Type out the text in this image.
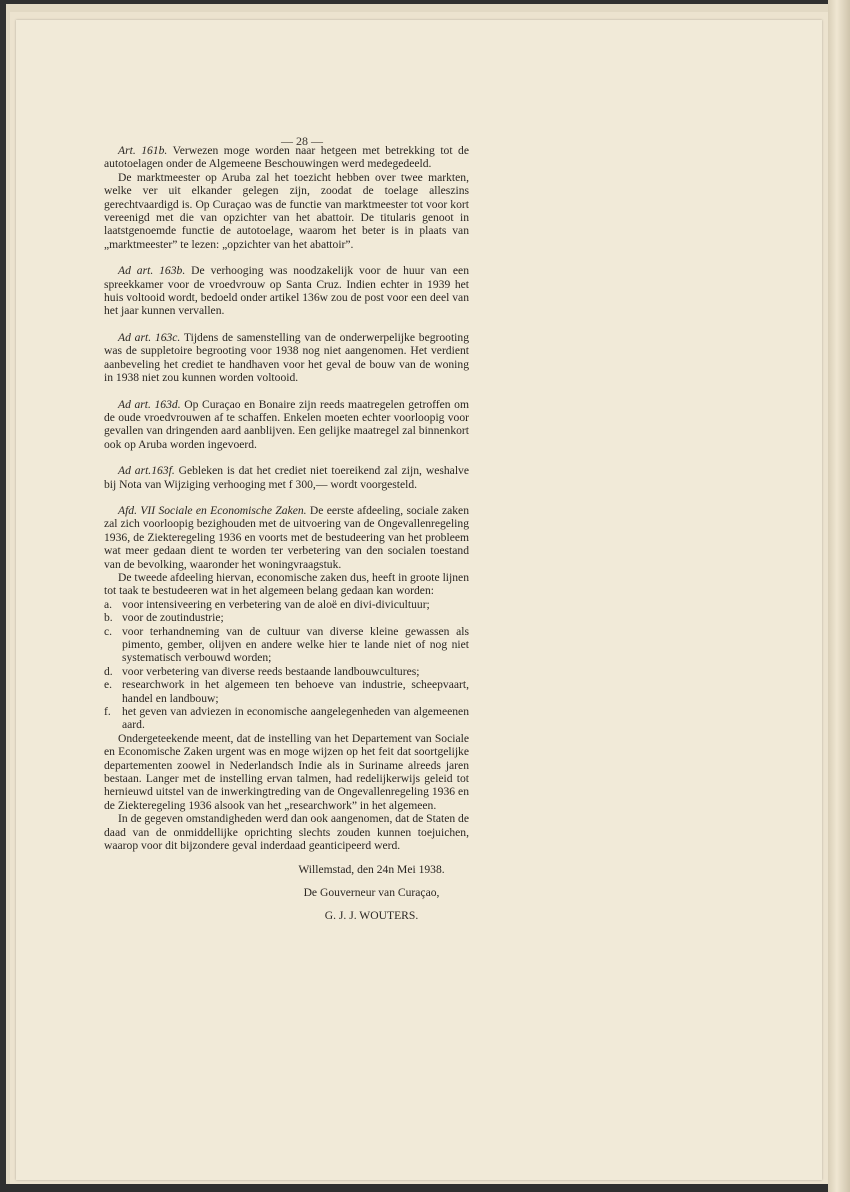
— 28 —

Art. 161b. Verwezen moge worden naar hetgeen met betrekking tot de autotoelagen onder de Algemeene Beschouwingen werd medegedeeld.

De marktmeester op Aruba zal het toezicht hebben over twee markten, welke ver uit elkander gelegen zijn, zoodat de toelage alleszins gerechtvaardigd is. Op Curaçao was de functie van marktmeester tot voor kort vereenigd met die van opzichter van het abattoir. De titularis genoot in laatstgenoemde functie de autotoelage, waarom het beter is in plaats van „marktmeester” te lezen: „opzichter van het abattoir”.

Ad art. 163b. De verhooging was noodzakelijk voor de huur van een spreekkamer voor de vroedvrouw op Santa Cruz. Indien echter in 1939 het huis voltooid wordt, bedoeld onder artikel 136w zou de post voor een deel van het jaar kunnen vervallen.

Ad art. 163c. Tijdens de samenstelling van de onderwerpelijke begrooting was de suppletoire begrooting voor 1938 nog niet aangenomen. Het verdient aanbeveling het crediet te handhaven voor het geval de bouw van de woning in 1938 niet zou kunnen worden voltooid.

Ad art. 163d. Op Curaçao en Bonaire zijn reeds maatregelen getroffen om de oude vroedvrouwen af te schaffen. Enkelen moeten echter voorloopig voor gevallen van dringenden aard aanblijven. Een gelijke maatregel zal binnenkort ook op Aruba worden ingevoerd.

Ad art.163f. Gebleken is dat het crediet niet toereikend zal zijn, weshalve bij Nota van Wijziging verhooging met f 300,— wordt voorgesteld.

Afd. VII Sociale en Economische Zaken. De eerste afdeeling, sociale zaken zal zich voorloopig bezighouden met de uitvoering van de Ongevallenregeling 1936, de Ziekteregeling 1936 en voorts met de bestudeering van het probleem wat meer gedaan dient te worden ter verbetering van den socialen toestand van de bevolking, waaronder het woningvraagstuk.

De tweede afdeeling hiervan, economische zaken dus, heeft in groote lijnen tot taak te bestudeeren wat in het algemeen belang gedaan kan worden:

a. voor intensiveering en verbetering van de aloë en divi-divicultuur;
b. voor de zoutindustrie;
c. voor terhandneming van de cultuur van diverse kleine gewassen als pimento, gember, olijven en andere welke hier te lande niet of nog niet systematisch verbouwd worden;
d. voor verbetering van diverse reeds bestaande landbouwcultures;
e. researchwork in het algemeen ten behoeve van industrie, scheepvaart, handel en landbouw;
f. het geven van adviezen in economische aangelegenheden van algemeenen aard.

Ondergeteekende meent, dat de instelling van het Departement van Sociale en Economische Zaken urgent was en moge wijzen op het feit dat soortgelijke departementen zoowel in Nederlandsch Indie als in Suriname alreeds jaren bestaan. Langer met de instelling ervan talmen, had redelijkerwijs geleid tot hernieuwd uitstel van de inwerkingtreding van de Ongevallenregeling 1936 en de Ziekteregeling 1936 alsook van het „researchwork” in het algemeen.

In de gegeven omstandigheden werd dan ook aangenomen, dat de Staten de daad van de onmiddellijke oprichting slechts zouden kunnen toejuichen, waarop voor dit bijzondere geval inderdaad geanticipeerd werd.

Willemstad, den 24n Mei 1938.
De Gouverneur van Curaçao,
G. J. J. WOUTERS.
